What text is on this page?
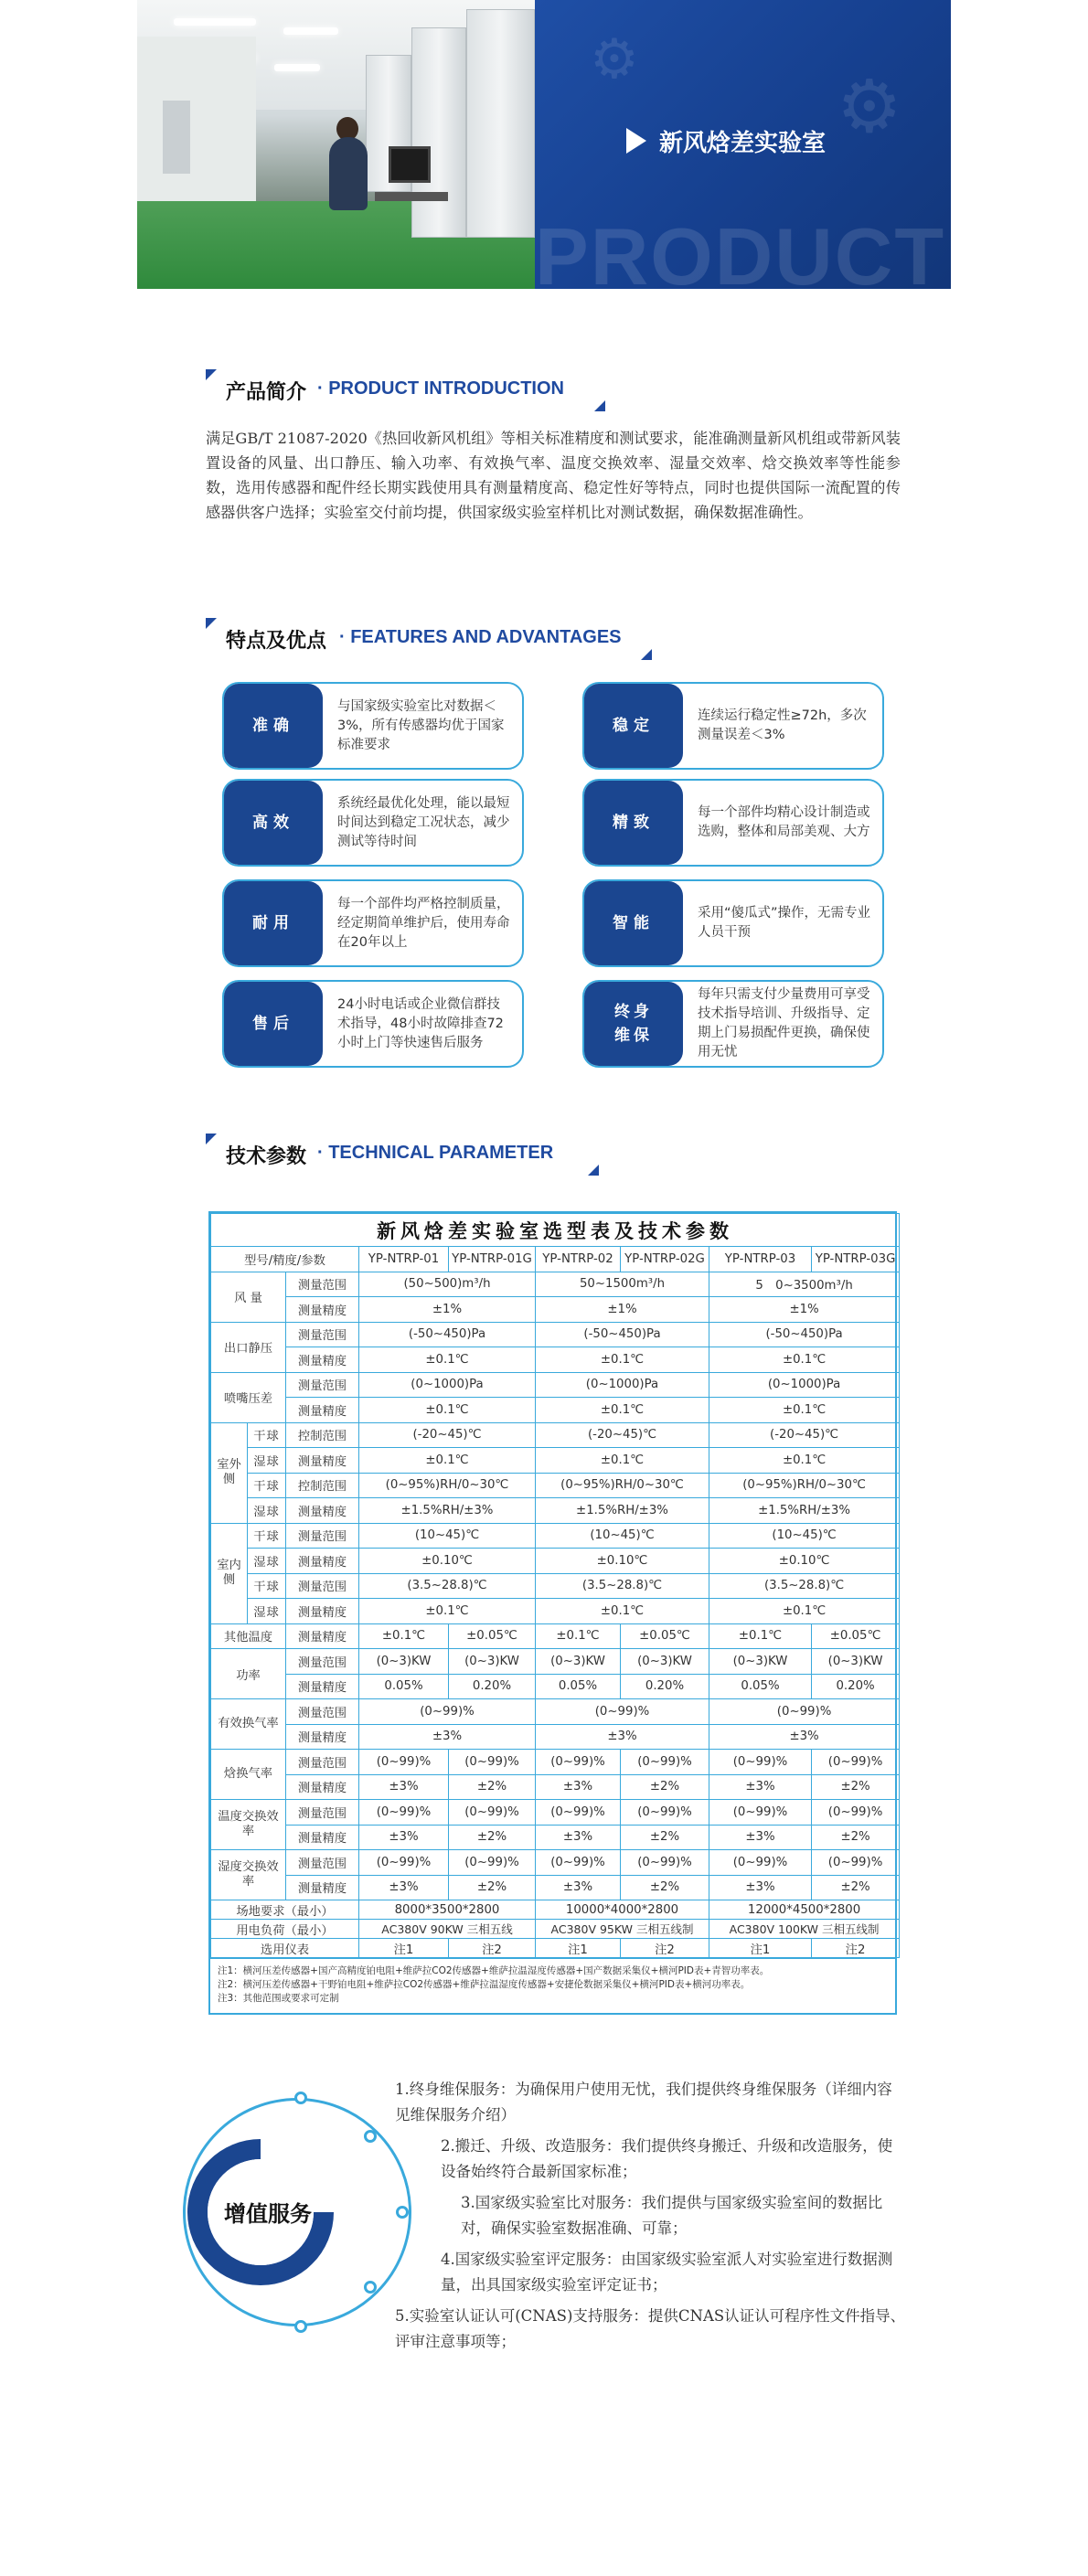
⚙
⚙
PRODUCT
新风焓差实验室
产品简介 · PRODUCT INTRODUCTION

满足GB/T 21087-2020《热回收新风机组》等相关标准精度和测试要求，能准确测量新风机组或带新风装置设备的风量、出口静压、输入功率、有效换气率、温度交换效率、湿量交效率、焓交换效率等性能参数，选用传感器和配件经长期实践使用具有测量精度高、稳定性好等特点，同时也提供国际一流配置的传感器供客户选择；实验室交付前均提，供国家级实验室样机比对测试数据，确保数据准确性。

特点及优点 · FEATURES AND ADVANTAGES
准确
与国家级实验室比对数据＜3%，所有传感器均优于国家标准要求
稳定
连续运行稳定性≥72h，多次测量误差＜3%
高效
系统经最优化处理，能以最短时间达到稳定工况状态，减少测试等待时间
精致
每一个部件均精心设计制造或选购，整体和局部美观、大方
耐用
每一个部件均严格控制质量，经定期简单维护后，使用寿命在20年以上
智能
采用“傻瓜式”操作，无需专业人员干预
售后
24小时电话或企业微信群技术指导，48小时故障排查72小时上门等快速售后服务
终身维保
每年只需支付少量费用可享受技术指导培训、升级指导、定期上门易损配件更换，确保使用无忧
技术参数 · TECHNICAL PARAMETER
新风焓差实验室选型表及技术参数								
型号/精度/参数			YP-NTRP-01	YP-NTRP-01G	YP-NTRP-02	YP-NTRP-02G	YP-NTRP-03	YP-NTRP-03G
风 量		测量范围	(50~500)m³/h		50~1500m³/h		5　0~3500m³/h	
		测量精度	±1%		±1%		±1%	
出口静压		测量范围	(-50~450)Pa		(-50~450)Pa		(-50~450)Pa	
		测量精度	±0.1℃		±0.1℃		±0.1℃	
喷嘴压差		测量范围	(0~1000)Pa		(0~1000)Pa		(0~1000)Pa	
		测量精度	±0.1℃		±0.1℃		±0.1℃	
室外侧	干球	控制范围	(-20~45)℃		(-20~45)℃		(-20~45)℃	
	湿球	测量精度	±0.1℃		±0.1℃		±0.1℃	
	干球	控制范围	(0~95%)RH/0~30℃		(0~95%)RH/0~30℃		(0~95%)RH/0~30℃	
	湿球	测量精度	±1.5%RH/±3%		±1.5%RH/±3%		±1.5%RH/±3%	
室内侧	干球	测量范围	(10~45)℃		(10~45)℃		(10~45)℃	
	湿球	测量精度	±0.10℃		±0.10℃		±0.10℃	
	干球	测量范围	(3.5~28.8)℃		(3.5~28.8)℃		(3.5~28.8)℃	
	湿球	测量精度	±0.1℃		±0.1℃		±0.1℃	
其他温度		测量精度	±0.1℃	±0.05℃	±0.1℃	±0.05℃	±0.1℃	±0.05℃
功率		测量范围	(0~3)KW	(0~3)KW	(0~3)KW	(0~3)KW	(0~3)KW	(0~3)KW
		测量精度	0.05%	0.20%	0.05%	0.20%	0.05%	0.20%
有效换气率		测量范围	(0~99)%		(0~99)%		(0~99)%	
		测量精度	±3%		±3%		±3%	
焓换气率		测量范围	(0~99)%	(0~99)%	(0~99)%	(0~99)%	(0~99)%	(0~99)%
		测量精度	±3%	±2%	±3%	±2%	±3%	±2%
温度交换效率		测量范围	(0~99)%	(0~99)%	(0~99)%	(0~99)%	(0~99)%	(0~99)%
		测量精度	±3%	±2%	±3%	±2%	±3%	±2%
湿度交换效率		测量范围	(0~99)%	(0~99)%	(0~99)%	(0~99)%	(0~99)%	(0~99)%
		测量精度	±3%	±2%	±3%	±2%	±3%	±2%
场地要求（最小）			8000*3500*2800		10000*4000*2800		12000*4500*2800	
用电负荷（最小）			AC380V 90KW 三相五线		AC380V 95KW 三相五线制		AC380V 100KW 三相五线制	
选用仪表			注1	注2	注1	注2	注1	注2
注1：横河压差传感器+国产高精度铂电阻+维萨拉CO2传感器+维萨拉温湿度传感器+国产数据采集仪+横河PID表+青智功率表。
注2：横河压差传感器+干野铂电阻+维萨拉CO2传感器+维萨拉温湿度传感器+安捷伦数据采集仪+横河PID表+横河功率表。
注3：其他范围或要求可定制
增值服务
1.终身维保服务：为确保用户使用无忧，我们提供终身维保服务（详细内容见维保服务介绍）
2.搬迁、升级、改造服务：我们提供终身搬迁、升级和改造服务，使设备始终符合最新国家标准；
3.国家级实验室比对服务：我们提供与国家级实验室间的数据比对，确保实验室数据准确、可靠；
4.国家级实验室评定服务：由国家级实验室派人对实验室进行数据测量，出具国家级实验室评定证书；
5.实验室认证认可(CNAS)支持服务：提供CNAS认证认可程序性文件指导、评审注意事项等；
